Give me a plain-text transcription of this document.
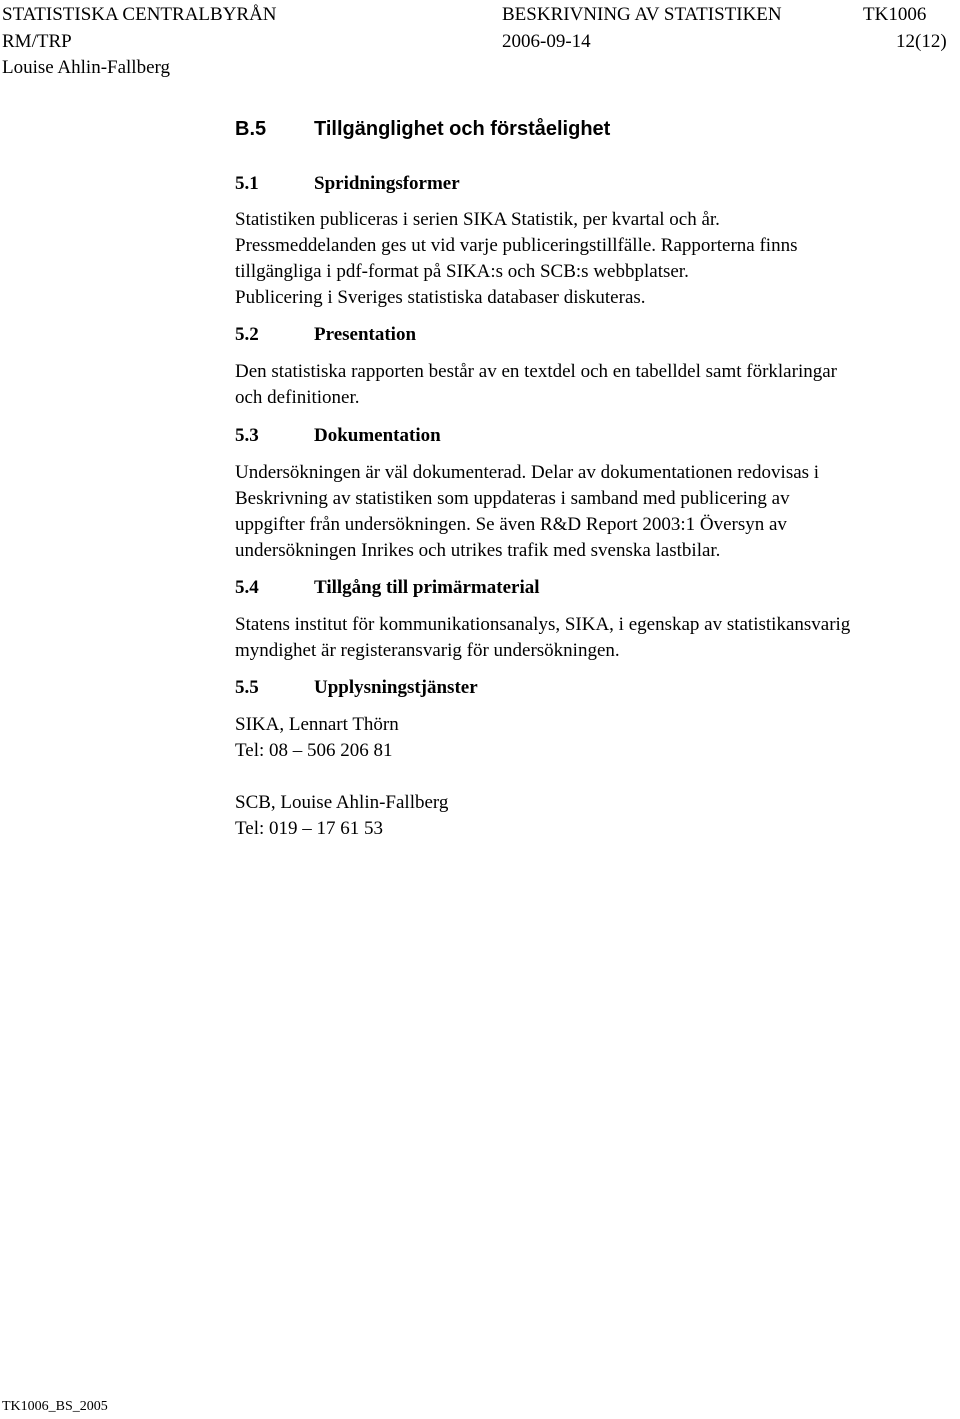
STATISTISKA CENTRALBYRÅN	BESKRIVNING AV STATISTIKEN	TK1006
RM/TRP	2006-09-14	12(12)
Louise Ahlin-Fallberg
B.5 Tillgänglighet och förståelighet
5.1	Spridningsformer
Statistiken publiceras i serien SIKA Statistik, per kvartal och år.
Pressmeddelanden ges ut vid varje publiceringstillfälle. Rapporterna finns
tillgängliga i pdf-format på SIKA:s och SCB:s webbplatser.
Publicering i Sveriges statistiska databaser diskuteras.
5.2	Presentation
Den statistiska rapporten består av en textdel och en tabelldel samt förklaringar
och definitioner.
5.3	Dokumentation
Undersökningen är väl dokumenterad. Delar av dokumentationen redovisas i
Beskrivning av statistiken som uppdateras i samband med publicering av
uppgifter från undersökningen. Se även R&D Report 2003:1 Översyn av
undersökningen Inrikes och utrikes trafik med svenska lastbilar.
5.4	Tillgång till primärmaterial
Statens institut för kommunikationsanalys, SIKA, i egenskap av statistikansvarig
myndighet är registeransvarig för undersökningen.
5.5	Upplysningstjänster
SIKA, Lennart Thörn
Tel: 08 – 506 206 81
SCB, Louise Ahlin-Fallberg
Tel: 019 – 17 61 53
TK1006_BS_2005
